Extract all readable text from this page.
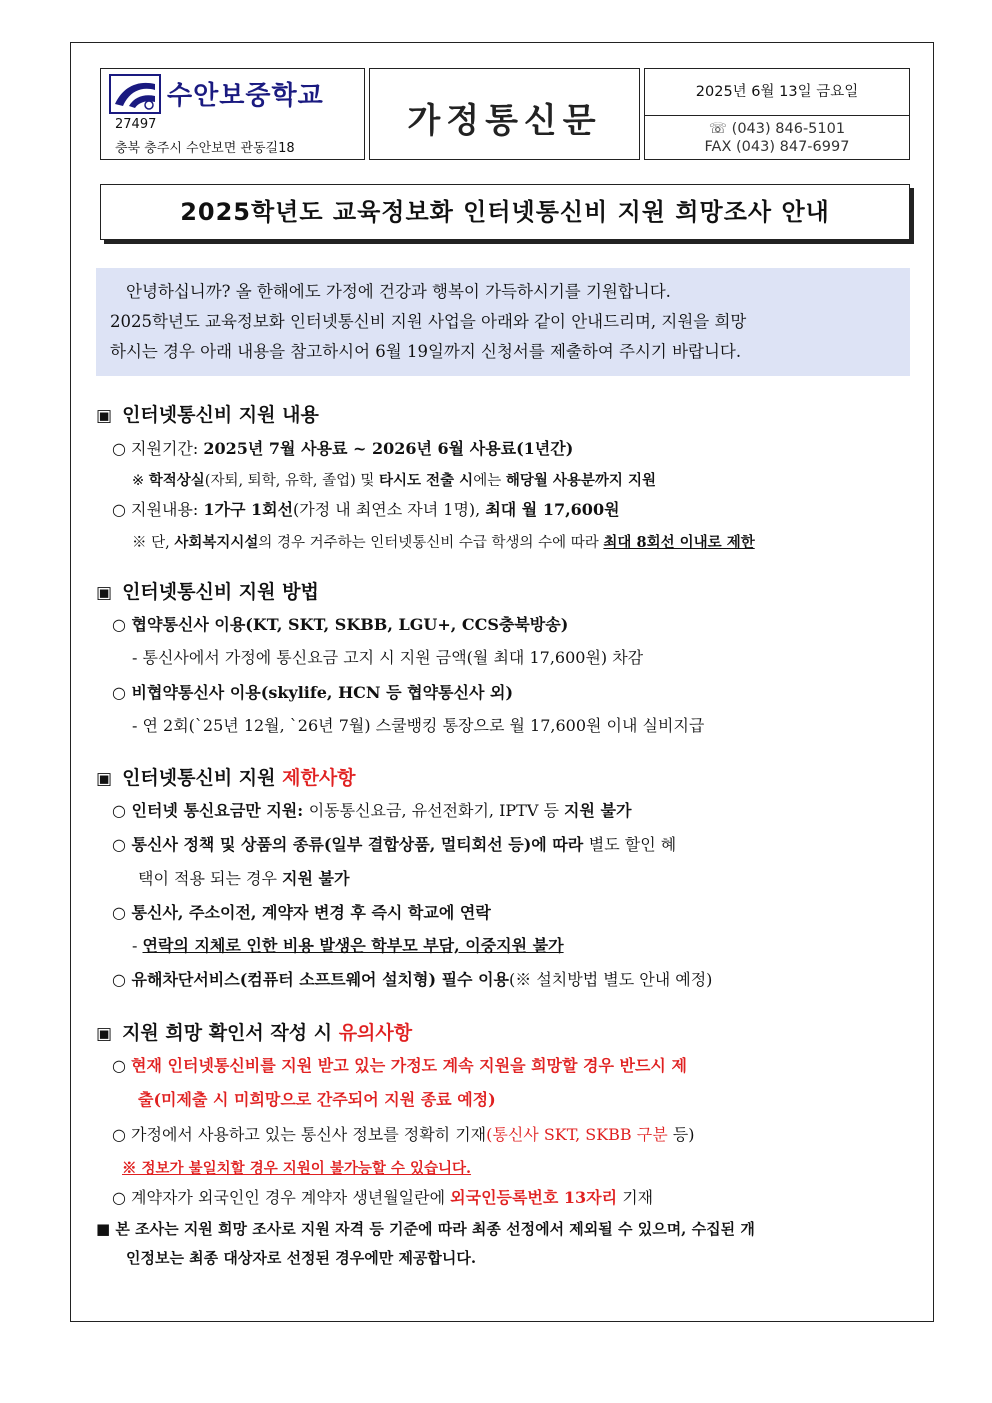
수안보중학교
27497
충북 충주시 수안보면 관동길18
가정통신문
2025년 6월 13일 금요일
☏ (043) 846-5101
FAX (043) 847-6997
2025학년도 교육정보화 인터넷통신비 지원 희망조사 안내
안녕하십니까? 올 한해에도 가정에 건강과 행복이 가득하시기를 기원합니다.
2025학년도 교육정보화 인터넷통신비 지원 사업을 아래와 같이 안내드리며, 지원을 희망
하시는 경우 아래 내용을 참고하시어 6월 19일까지 신청서를 제출하여 주시기 바랍니다.
▣ 인터넷통신비 지원 내용
○ 지원기간: 2025년 7월 사용료 ~ 2026년 6월 사용료(1년간)
※ 학적상실(자퇴, 퇴학, 유학, 졸업) 및 타시도 전출 시에는 해당월 사용분까지 지원
○ 지원내용: 1가구 1회선(가정 내 최연소 자녀 1명), 최대 월 17,600원
※ 단, 사회복지시설의 경우 거주하는 인터넷통신비 수급 학생의 수에 따라 최대 8회선 이내로 제한
▣ 인터넷통신비 지원 방법
○ 협약통신사 이용(KT, SKT, SKBB, LGU+, CCS충북방송)
- 통신사에서 가정에 통신요금 고지 시 지원 금액(월 최대 17,600원) 차감
○ 비협약통신사 이용(skylife, HCN 등 협약통신사 외)
- 연 2회(`25년 12월, `26년 7월) 스쿨뱅킹 통장으로 월 17,600원 이내 실비지급
▣ 인터넷통신비 지원 제한사항
○ 인터넷 통신요금만 지원: 이동통신요금, 유선전화기, IPTV 등 지원 불가
○ 통신사 정책 및 상품의 종류(일부 결합상품, 멀티회선 등)에 따라 별도 할인 혜
택이 적용 되는 경우 지원 불가
○ 통신사, 주소이전, 계약자 변경 후 즉시 학교에 연락
- 연락의 지체로 인한 비용 발생은 학부모 부담, 이중지원 불가
○ 유해차단서비스(컴퓨터 소프트웨어 설치형) 필수 이용(※ 설치방법 별도 안내 예정)
▣ 지원 희망 확인서 작성 시 유의사항
○ 현재 인터넷통신비를 지원 받고 있는 가정도 계속 지원을 희망할 경우 반드시 제
출(미제출 시 미희망으로 간주되어 지원 종료 예정)
○ 가정에서 사용하고 있는 통신사 정보를 정확히 기재(통신사 SKT, SKBB 구분 등)
※ 정보가 불일치할 경우 지원이 불가능할 수 있습니다.
○ 계약자가 외국인인 경우 계약자 생년월일란에 외국인등록번호 13자리 기재
■ 본 조사는 지원 희망 조사로 지원 자격 등 기준에 따라 최종 선정에서 제외될 수 있으며, 수집된 개
인정보는 최종 대상자로 선정된 경우에만 제공합니다.
